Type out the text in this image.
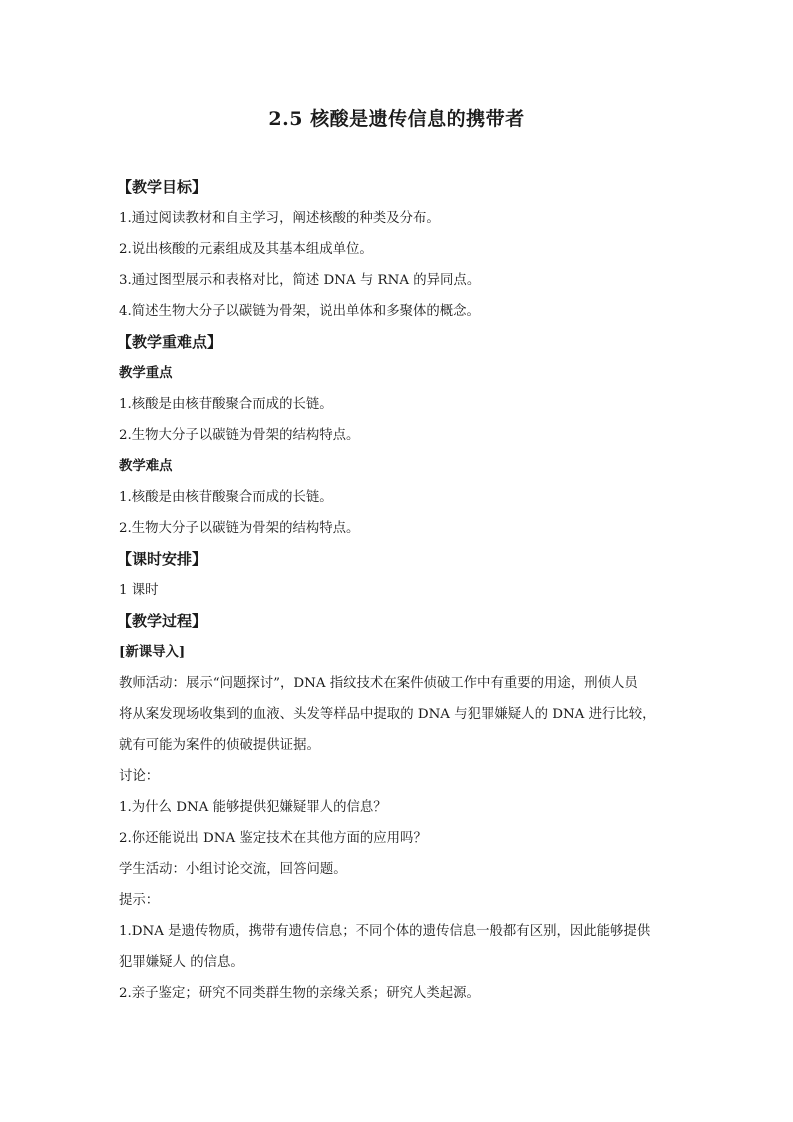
2.5 核酸是遗传信息的携带者
【教学目标】
1.通过阅读教材和自主学习，阐述核酸的种类及分布。
2.说出核酸的元素组成及其基本组成单位。
3.通过图型展示和表格对比，简述 DNA 与 RNA 的异同点。
4.简述生物大分子以碳链为骨架，说出单体和多聚体的概念。
【教学重难点】
教学重点
1.核酸是由核苷酸聚合而成的长链。
2.生物大分子以碳链为骨架的结构特点。
教学难点
1.核酸是由核苷酸聚合而成的长链。
2.生物大分子以碳链为骨架的结构特点。
【课时安排】
1 课时
【教学过程】
[新课导入]
教师活动：展示“问题探讨”，DNA 指纹技术在案件侦破工作中有重要的用途，刑侦人员
将从案发现场收集到的血液、头发等样品中提取的 DNA 与犯罪嫌疑人的 DNA 进行比较，
就有可能为案件的侦破提供证据。
讨论：
1.为什么 DNA 能够提供犯嫌疑罪人的信息？
2.你还能说出 DNA 鉴定技术在其他方面的应用吗？
学生活动：小组讨论交流，回答问题。
提示：
1.DNA 是遗传物质，携带有遗传信息；不同个体的遗传信息一般都有区别，因此能够提供
犯罪嫌疑人 的信息。
2.亲子鉴定；研究不同类群生物的亲缘关系；研究人类起源。
